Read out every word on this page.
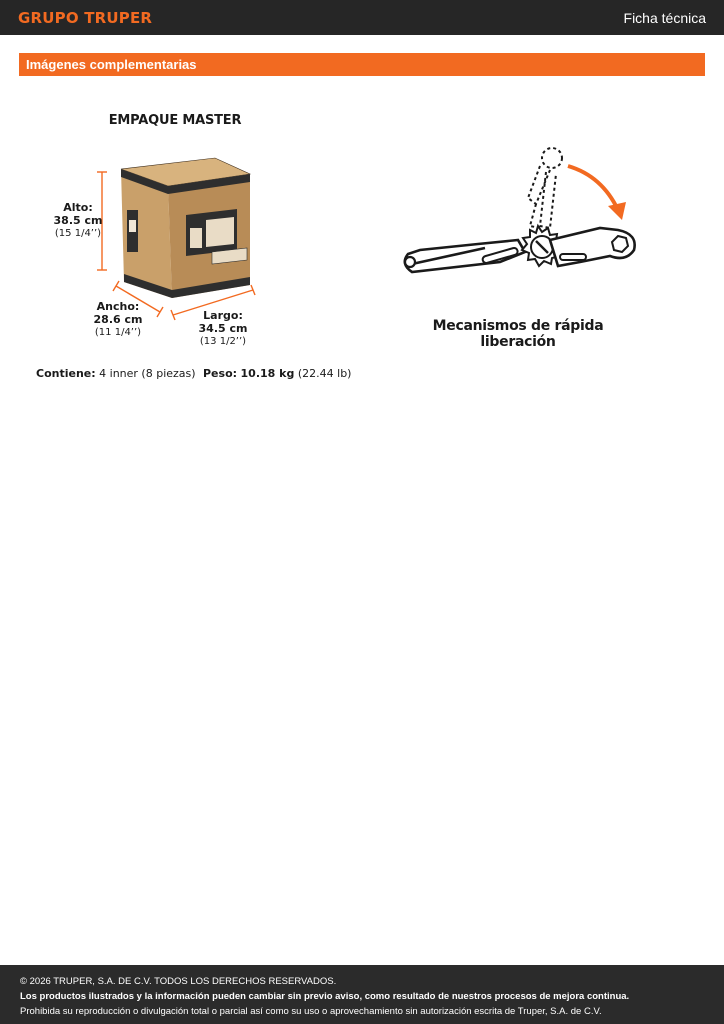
GRUPO TRUPER	Ficha técnica
Imágenes complementarias
EMPAQUE MASTER
Alto:
38.5 cm
(15 1/4’’)
Ancho:
28.6 cm
(11 1/4’’)
Largo:
34.5 cm
(13 1/2’’)
Contiene: 4 inner (8 piezas) Peso: 10.18 kg (22.44 lb)
Mecanismos de rápida liberación
© 2026 TRUPER, S.A. DE C.V. TODOS LOS DERECHOS RESERVADOS.
Los productos ilustrados y la información pueden cambiar sin previo aviso, como resultado de nuestros procesos de mejora continua.
Prohibida su reproducción o divulgación total o parcial así como su uso o aprovechamiento sin autorización escrita de Truper, S.A. de C.V.
